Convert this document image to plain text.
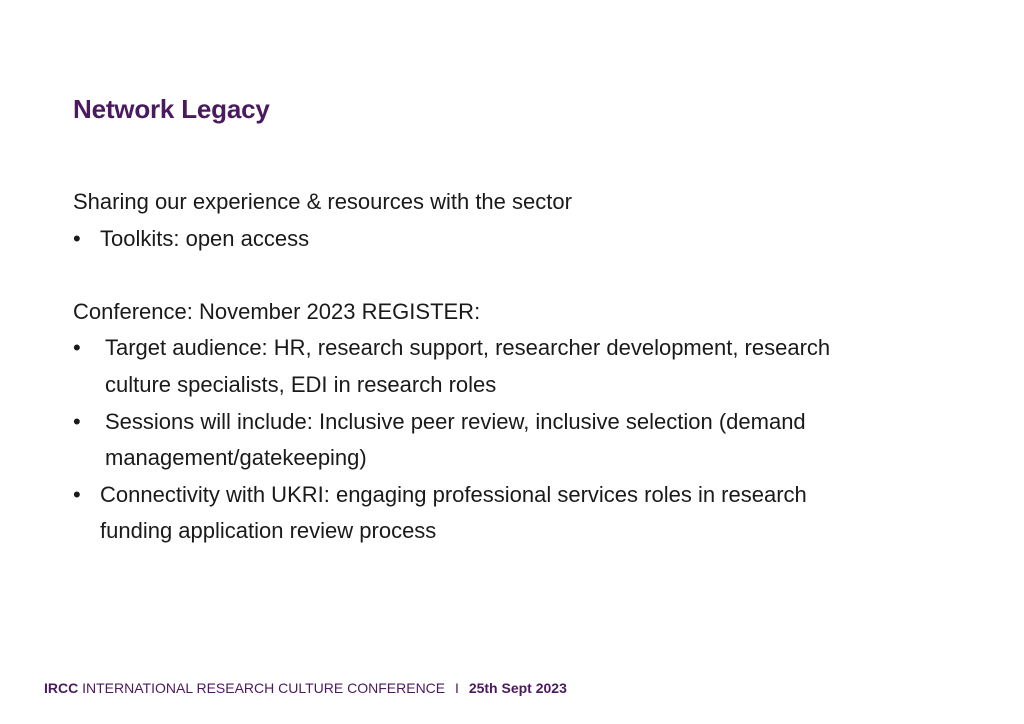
Network Legacy

Sharing our experience & resources with the sector

• Toolkits: open access

Conference: November 2023 REGISTER:

• Target audience: HR, research support, researcher development, research culture specialists, EDI in research roles
• Sessions will include: Inclusive peer review, inclusive selection (demand management/gatekeeping)
• Connectivity with UKRI: engaging professional services roles in research funding application review process
IRCC INTERNATIONAL RESEARCH CULTURE CONFERENCE I 25th Sept 2023
